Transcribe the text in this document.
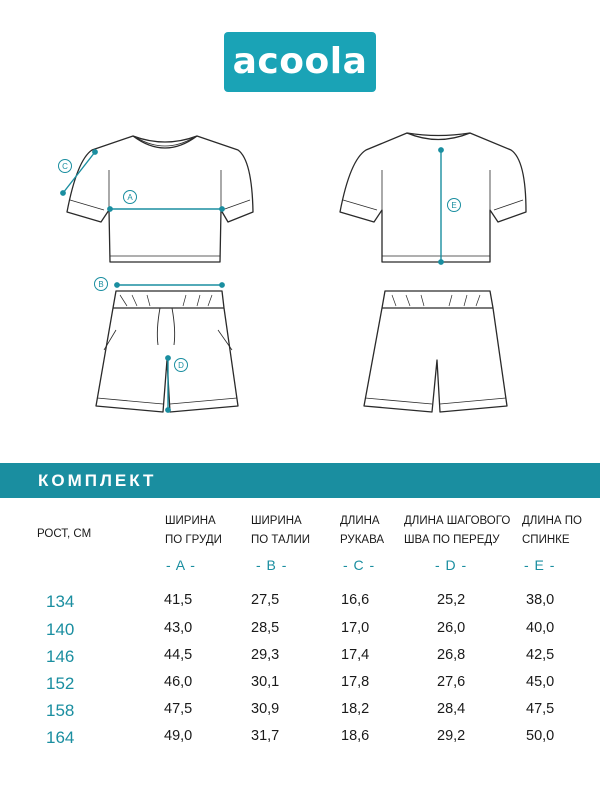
acoola
C
A
E
B
D
КОМПЛЕКТ
РОСТ, СМ
ШИРИНА
ПО ГРУДИ
ШИРИНА
ПО ТАЛИИ
ДЛИНА
РУКАВА
ДЛИНА ШАГОВОГО
ШВА ПО ПЕРЕДУ
ДЛИНА ПО
СПИНКЕ
- A -	- B -	- C -	- D -	- E -
134	41,5	27,5	16,6	25,2	38,0
140	43,0	28,5	17,0	26,0	40,0
146	44,5	29,3	17,4	26,8	42,5
152	46,0	30,1	17,8	27,6	45,0
158	47,5	30,9	18,2	28,4	47,5
164	49,0	31,7	18,6	29,2	50,0
